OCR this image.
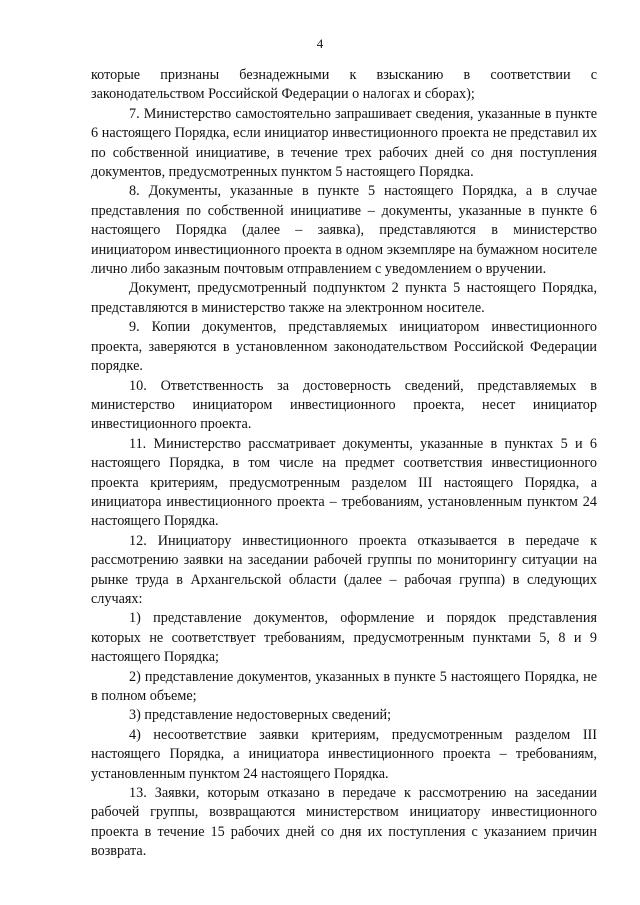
4

которые признаны безнадежными к взысканию в соответствии с законодательством Российской Федерации о налогах и сборах);

7. Министерство самостоятельно запрашивает сведения, указанные в пункте 6 настоящего Порядка, если инициатор инвестиционного проекта не представил их по собственной инициативе, в течение трех рабочих дней со дня поступления документов, предусмотренных пунктом 5 настоящего Порядка.

8. Документы, указанные в пункте 5 настоящего Порядка, а в случае представления по собственной инициативе – документы, указанные в пункте 6 настоящего Порядка (далее – заявка), представляются в министерство инициатором инвестиционного проекта в одном экземпляре на бумажном носителе лично либо заказным почтовым отправлением с уведомлением о вручении.

Документ, предусмотренный подпунктом 2 пункта 5 настоящего Порядка, представляются в министерство также на электронном носителе.

9. Копии документов, представляемых инициатором инвестиционного проекта, заверяются в установленном законодательством Российской Федерации порядке.

10. Ответственность за достоверность сведений, представляемых в министерство инициатором инвестиционного проекта, несет инициатор инвестиционного проекта.

11. Министерство рассматривает документы, указанные в пунктах 5 и 6 настоящего Порядка, в том числе на предмет соответствия инвестиционного проекта критериям, предусмотренным разделом III настоящего Порядка, а инициатора инвестиционного проекта – требованиям, установленным пунктом 24 настоящего Порядка.

12. Инициатору инвестиционного проекта отказывается в передаче к рассмотрению заявки на заседании рабочей группы по мониторингу ситуации на рынке труда в Архангельской области (далее – рабочая группа) в следующих случаях:

1) представление документов, оформление и порядок представления которых не соответствует требованиям, предусмотренным пунктами 5, 8 и 9 настоящего Порядка;

2) представление документов, указанных в пункте 5 настоящего Порядка, не в полном объеме;

3) представление недостоверных сведений;

4) несоответствие заявки критериям, предусмотренным разделом III настоящего Порядка, а инициатора инвестиционного проекта – требованиям, установленным пунктом 24 настоящего Порядка.

13. Заявки, которым отказано в передаче к рассмотрению на заседании рабочей группы, возвращаются министерством инициатору инвестиционного проекта в течение 15 рабочих дней со дня их поступления с указанием причин возврата.
